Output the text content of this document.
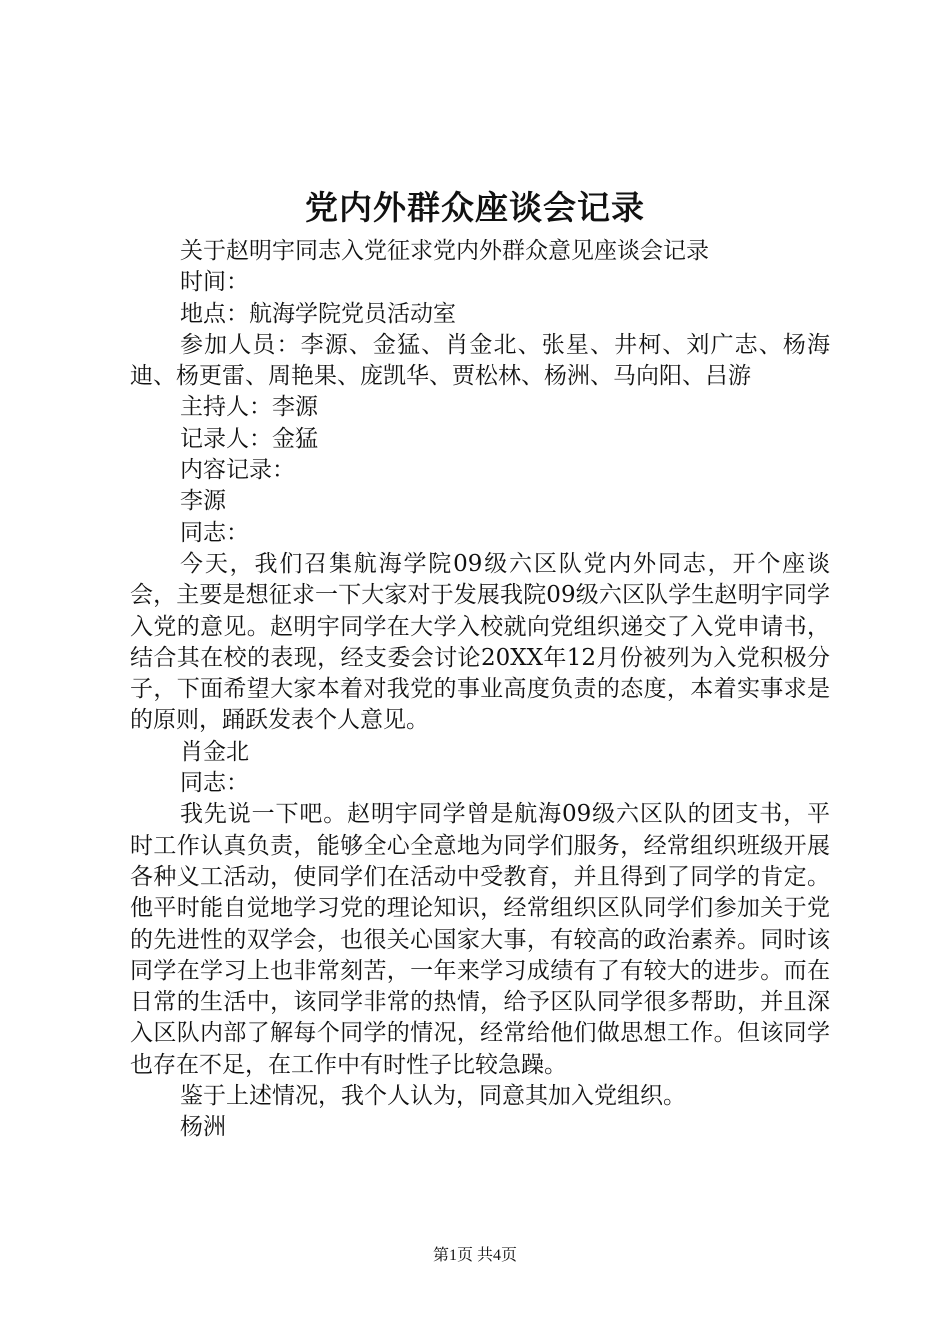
党内外群众座谈会记录

关于赵明宇同志入党征求党内外群众意见座谈会记录

时间：

地点：航海学院党员活动室

参加人员：李源、金猛、肖金北、张星、井柯、刘广志、杨海迪、杨更雷、周艳果、庞凯华、贾松林、杨洲、马向阳、吕游

主持人：李源

记录人：金猛

内容记录：

李源

同志：

今天，我们召集航海学院09级六区队党内外同志，开个座谈会，主要是想征求一下大家对于发展我院09级六区队学生赵明宇同学入党的意见。赵明宇同学在大学入校就向党组织递交了入党申请书，结合其在校的表现，经支委会讨论20XX年12月份被列为入党积极分子，下面希望大家本着对我党的事业高度负责的态度，本着实事求是的原则，踊跃发表个人意见。

肖金北

同志：

我先说一下吧。赵明宇同学曾是航海09级六区队的团支书，平时工作认真负责，能够全心全意地为同学们服务，经常组织班级开展各种义工活动，使同学们在活动中受教育，并且得到了同学的肯定。他平时能自觉地学习党的理论知识，经常组织区队同学们参加关于党的先进性的双学会，也很关心国家大事，有较高的政治素养。同时该同学在学习上也非常刻苦，一年来学习成绩有了有较大的进步。而在日常的生活中，该同学非常的热情，给予区队同学很多帮助，并且深入区队内部了解每个同学的情况，经常给他们做思想工作。但该同学也存在不足，在工作中有时性子比较急躁。

鉴于上述情况，我个人认为，同意其加入党组织。

杨洲

第1页 共4页
